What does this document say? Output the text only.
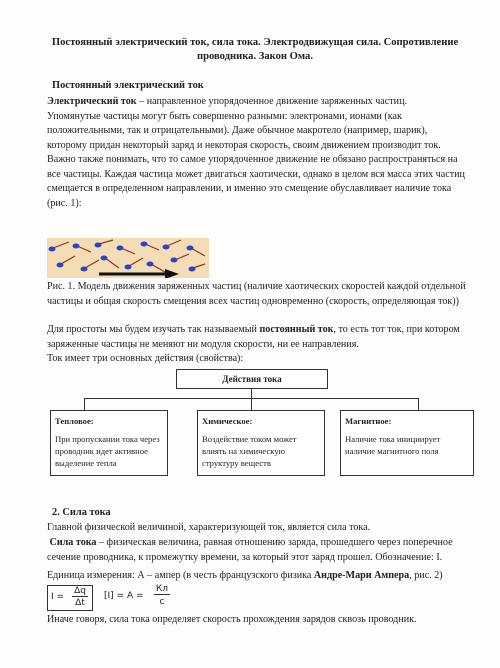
Постоянный электрический ток, сила тока. Электродвижущая сила. Сопротивление проводника. Закон Ома.
Постоянный электрический ток
Электрический ток – направленное упорядоченное движение заряженных частиц.
Упомянутые частицы могут быть совершенно разными: электронами, ионами (как положительными, так и отрицательными). Даже обычное макротело (например, шарик), которому придан некоторый заряд и некоторая скорость, своим движением производит ток. Важно также понимать, что то самое упорядоченное движение не обязано распространяться на все частицы. Каждая частица может двигаться хаотически, однако в целом вся масса этих частиц смещается в определенном направлении, и именно это смещение обуславливает наличие тока (рис. 1):
Рис. 1. Модель движения заряженных частиц (наличие хаотических скоростей каждой отдельной частицы и общая скорость смещения всех частиц одновременно (скорость, определяющая ток))
Для простоты мы будем изучать так называемый постоянный ток, то есть тот ток, при котором заряженные частицы не меняют ни модуля скорости, ни ее направления.
Ток имеет три основных действия (свойства):
Действия тока
Тепловое:
При пропускании тока через проводник идет активное выделение тепла
Химическое:
Воздействие током может влиять на химическую структуру веществ
Магнитное:
Наличие тока инициирует наличие магнитного поля
2. Сила тока
Главной физической величиной, характеризующей ток, является сила тока.
Сила тока – физическая величина, равная отношению заряда, прошедшего через поперечное сечение проводника, к промежутку времени, за который этот заряд прошел. Обозначение: I.
Единица измерения: А – ампер (в честь французского физика Андре-Мари Ампера, рис. 2)
I =
Δq
Δt
[I] = A =
Кл
с
Иначе говоря, сила тока определяет скорость прохождения зарядов сквозь проводник.
